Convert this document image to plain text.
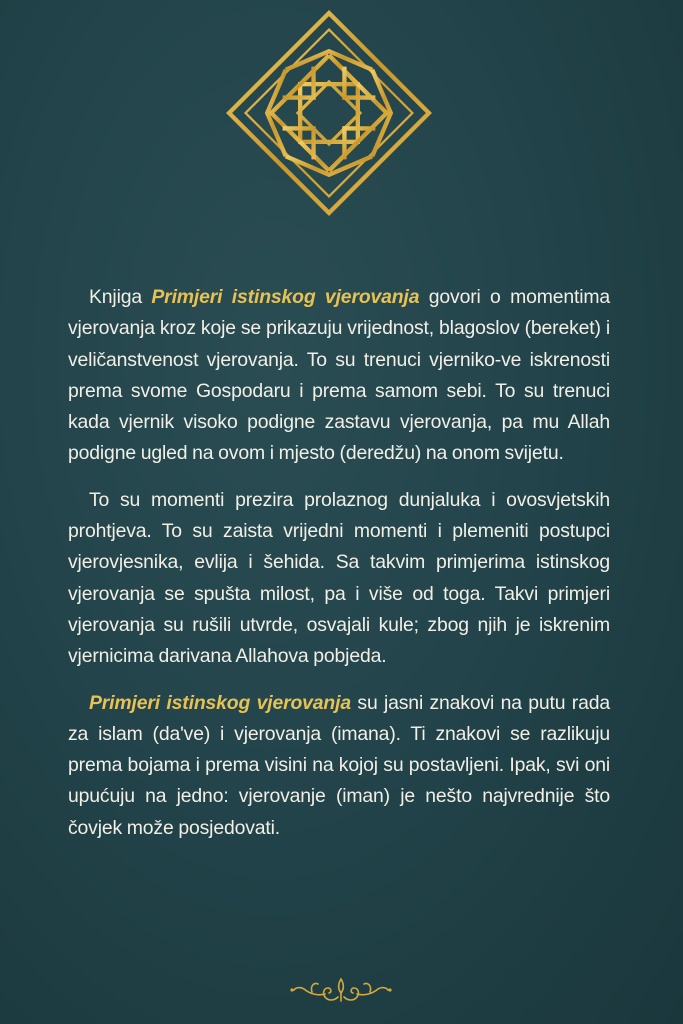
Knjiga Primjeri istinskog vjerovanja govori o momentima vjerovanja kroz koje se prikazuju vrijednost, blagoslov (bereket) i veličanstvenost vjerovanja. To su trenuci vjerniko-ve iskrenosti prema svome Gospodaru i prema samom sebi. To su trenuci kada vjernik visoko podigne zastavu vjerovanja, pa mu Allah podigne ugled na ovom i mjesto (deredžu) na onom svijetu.

To su momenti prezira prolaznog dunjaluka i ovosvjetskih prohtjeva. To su zaista vrijedni momenti i plemeniti postupci vjerovjesnika, evlija i šehida. Sa takvim primjerima istinskog vjerovanja se spušta milost, pa i više od toga. Takvi primjeri vjerovanja su rušili utvrde, osvajali kule; zbog njih je iskrenim vjernicima darivana Allahova pobjeda.

Primjeri istinskog vjerovanja su jasni znakovi na putu rada za islam (da've) i vjerovanja (imana). Ti znakovi se razlikuju prema bojama i prema visini na kojoj su postavljeni. Ipak, svi oni upućuju na jedno: vjerovanje (iman) je nešto najvrednije što čovjek može posjedovati.
